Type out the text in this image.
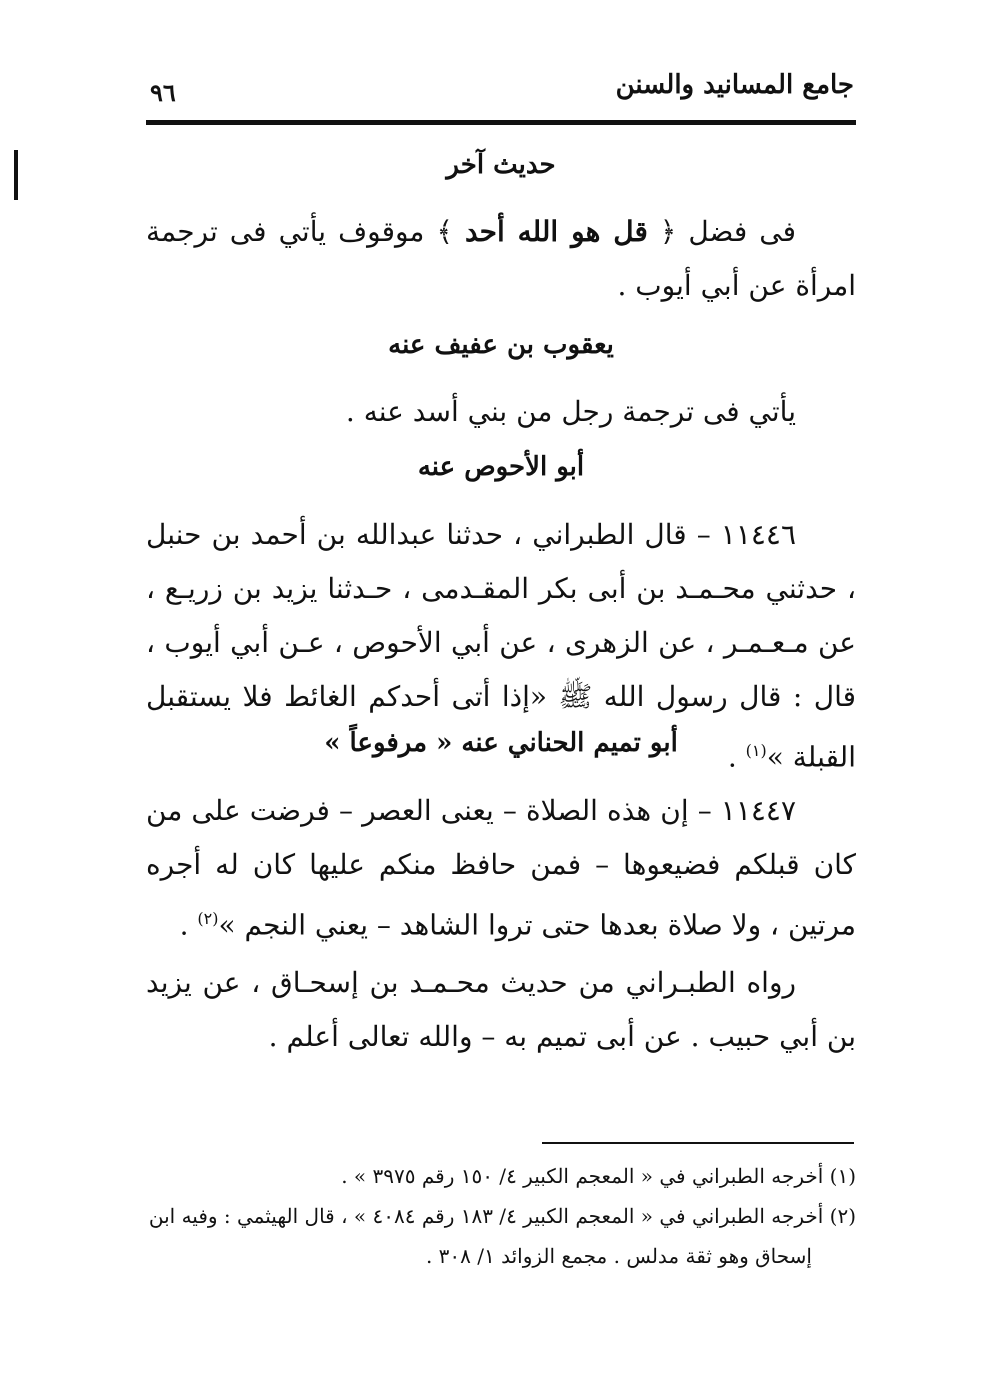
جامع المسانيد والسنن
٩٦
حديث آخر
فى فضل ﴿ قل هو الله أحد ﴾ موقوف يأتي فى ترجمة امرأة عن أبي أيوب .
يعقوب بن عفيف عنه
يأتي فى ترجمة رجل من بني أسد عنه .
أبو الأحوص عنه
١١٤٤٦ – قال الطبراني ، حدثنا عبدالله بن أحمد بن حنبل ، حدثني محـمـد بن أبى بكر المقـدمى ، حـدثنا يزيد بن زريـع ، عن مـعـمـر ، عن الزهرى ، عن أبي الأحوص ، عـن أبي أيوب ، قال : قال رسول الله ﷺ «إذا أتى أحدكم الغائط فلا يستقبل القبلة »$^{(١)}$ .
أبو تميم الحناني عنه « مرفوعاً »
١١٤٤٧ – إن هذه الصلاة – يعنى العصر – فرضت على من كان قبلكم فضيعوها – فمن حافظ منكم عليها كان له أجره مرتين ، ولا صلاة بعدها حتى تروا الشاهد – يعني النجم »$^{(٢)}$ .
رواه الطبـراني من حديث محـمـد بن إسحـاق ، عن يزيد بن أبي حبيب . عن أبى تميم به – والله تعالى أعلم .
(١) أخرجه الطبراني في « المعجم الكبير ٤/ ١٥٠ رقم ٣٩٧٥ » .
(٢) أخرجه الطبراني في « المعجم الكبير ٤/ ١٨٣ رقم ٤٠٨٤ » ، قال الهيثمي : وفيه ابن
إسحاق وهو ثقة مدلس . مجمع الزوائد ١/ ٣٠٨ .
